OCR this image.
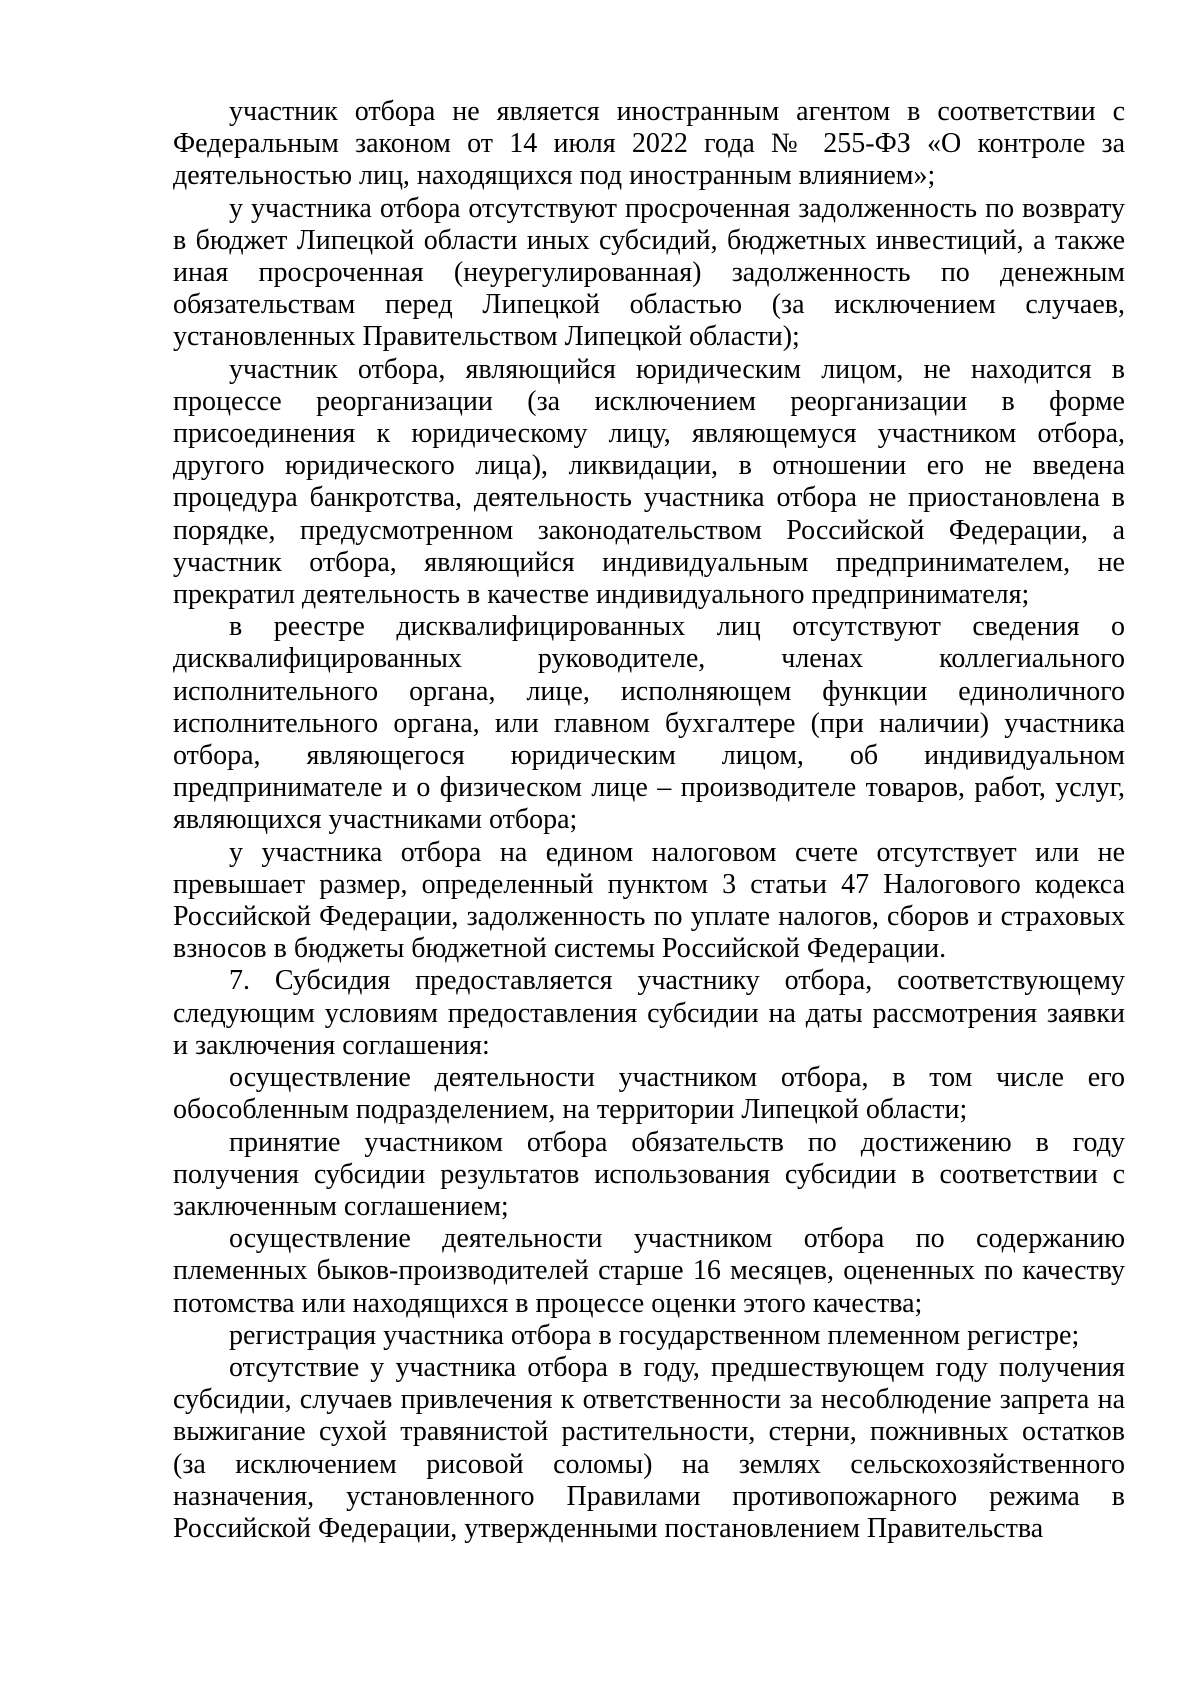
участник отбора не является иностранным агентом в соответствии с Федеральным законом от 14 июля 2022 года № 255-ФЗ «О контроле за деятельностью лиц, находящихся под иностранным влиянием»;

у участника отбора отсутствуют просроченная задолженность по возврату в бюджет Липецкой области иных субсидий, бюджетных инвестиций, а также иная просроченная (неурегулированная) задолженность по денежным обязательствам перед Липецкой областью (за исключением случаев, установленных Правительством Липецкой области);

участник отбора, являющийся юридическим лицом, не находится в процессе реорганизации (за исключением реорганизации в форме присоединения к юридическому лицу, являющемуся участником отбора, другого юридического лица), ликвидации, в отношении его не введена процедура банкротства, деятельность участника отбора не приостановлена в порядке, предусмотренном законодательством Российской Федерации, а участник отбора, являющийся индивидуальным предпринимателем, не прекратил деятельность в качестве индивидуального предпринимателя;

в реестре дисквалифицированных лиц отсутствуют сведения о дисквалифицированных руководителе, членах коллегиального исполнительного органа, лице, исполняющем функции единоличного исполнительного органа, или главном бухгалтере (при наличии) участника отбора, являющегося юридическим лицом, об индивидуальном предпринимателе и о физическом лице – производителе товаров, работ, услуг, являющихся участниками отбора;

у участника отбора на едином налоговом счете отсутствует или не превышает размер, определенный пунктом 3 статьи 47 Налогового кодекса Российской Федерации, задолженность по уплате налогов, сборов и страховых взносов в бюджеты бюджетной системы Российской Федерации.

7. Субсидия предоставляется участнику отбора, соответствующему следующим условиям предоставления субсидии на даты рассмотрения заявки и заключения соглашения:

осуществление деятельности участником отбора, в том числе его обособленным подразделением, на территории Липецкой области;

принятие участником отбора обязательств по достижению в году получения субсидии результатов использования субсидии в соответствии с заключенным соглашением;

осуществление деятельности участником отбора по содержанию племенных быков-производителей старше 16 месяцев, оцененных по качеству потомства или находящихся в процессе оценки этого качества;

регистрация участника отбора в государственном племенном регистре;

отсутствие у участника отбора в году, предшествующем году получения субсидии, случаев привлечения к ответственности за несоблюдение запрета на выжигание сухой травянистой растительности, стерни, пожнивных остатков (за исключением рисовой соломы) на землях сельскохозяйственного назначения, установленного Правилами противопожарного режима в Российской Федерации, утвержденными постановлением Правительства
